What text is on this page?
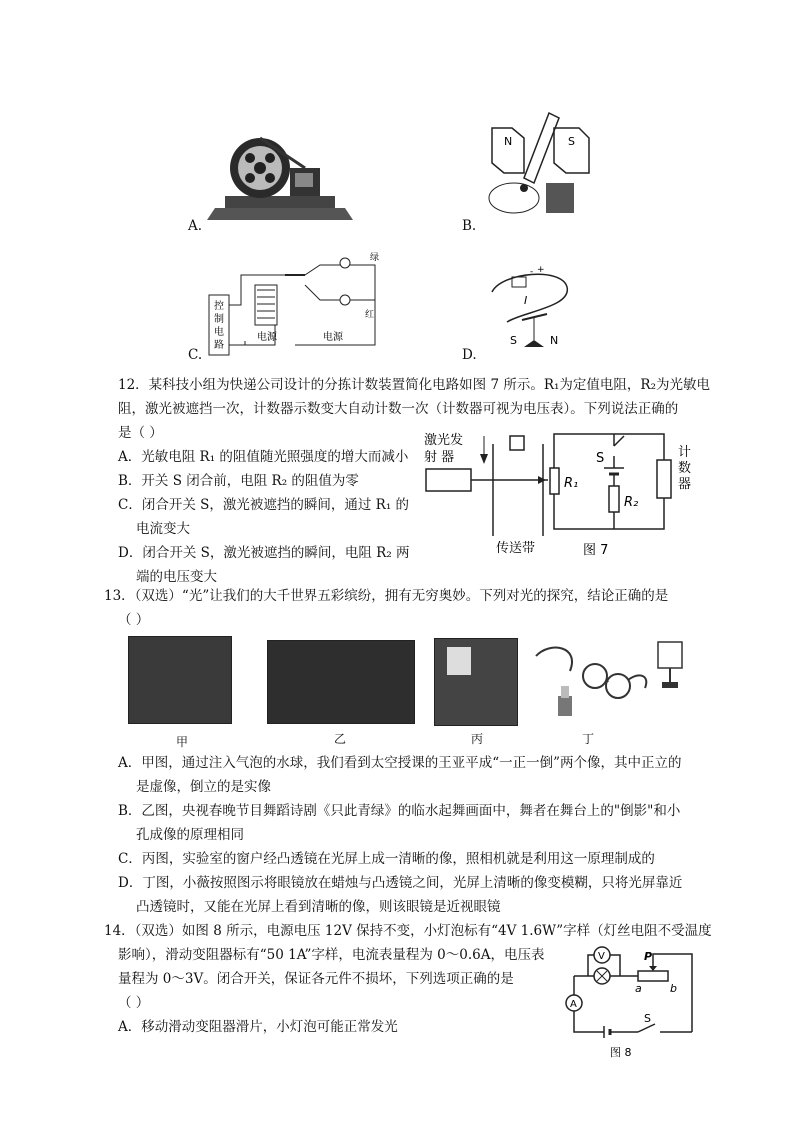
A.
N	S
B.
控
制
电
路
电源
绿
红
电源
C.
- +
I
S	N
D.
12．某科技小组为快递公司设计的分拣计数装置简化电路如图 7 所示。R₁为定值电阻，R₂为光敏电
阻，激光被遮挡一次，计数器示数变大自动计数一次（计数器可视为电压表）。下列说法正确的
是（ ）
A．光敏电阻 R₁ 的阻值随光照强度的增大而减小
B．开关 S 闭合前，电阻 R₂ 的阻值为零
C．闭合开关 S，激光被遮挡的瞬间，通过 R₁ 的
电流变大
D．闭合开关 S，激光被遮挡的瞬间，电阻 R₂ 两
端的电压变大
激光发
射 器
传送带
R₁
计
数
器
S
R₂
图 7
13．（双选）“光”让我们的大千世界五彩缤纷，拥有无穷奥妙。下列对光的探究，结论正确的是
（ ）
甲	乙	丙	丁
A．甲图，通过注入气泡的水球，我们看到太空授课的王亚平成“一正一倒”两个像，其中正立的
是虚像，倒立的是实像
B．乙图，央视春晚节目舞蹈诗剧《只此青绿》的临水起舞画面中，舞者在舞台上的"倒影"和小
孔成像的原理相同
C．丙图，实验室的窗户经凸透镜在光屏上成一清晰的像，照相机就是利用这一原理制成的
D．丁图，小薇按照图示将眼镜放在蜡烛与凸透镜之间，光屏上清晰的像变模糊，只将光屏靠近
凸透镜时，又能在光屏上看到清晰的像，则该眼镜是近视眼镜
14．（双选）如图 8 所示，电源电压 12V 保持不变，小灯泡标有“4V 1.6W”字样（灯丝电阻不受温度
影响），滑动变阻器标有“50 1A”字样，电流表量程为 0～0.6A，电压表
量程为 0～3V。闭合开关，保证各元件不损坏，下列选项正确的是
（ ）
A．移动滑动变阻器滑片，小灯泡可能正常发光
V
a	b
P
A
S
图 8
